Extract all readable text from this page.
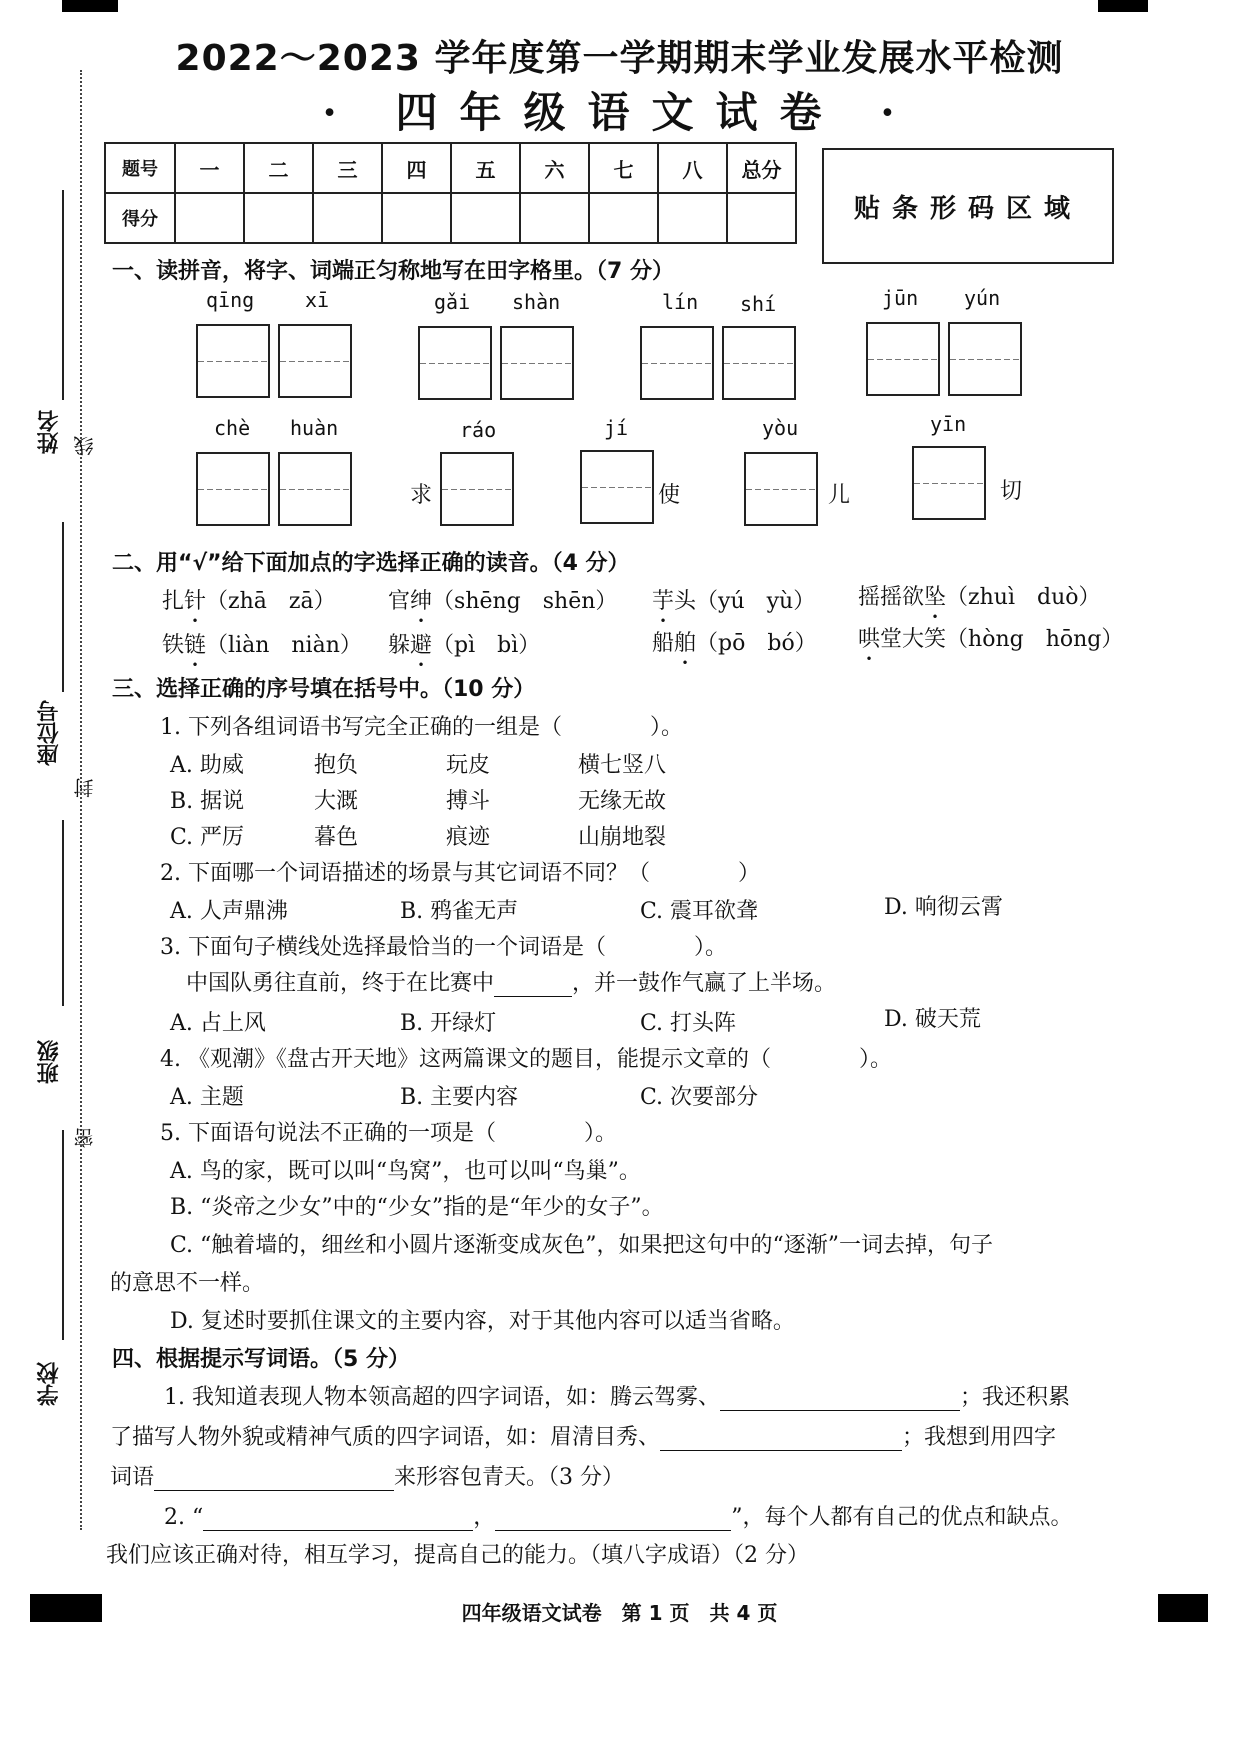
姓名 线
座位号
封
班级
密
学校
2022～2023 学年度第一学期期末学业发展水平检测
· 四年级语文试卷 ·
题号	一	二	三	四	五	六	七	八	总分
得分										贴条形码区域
一、读拼音，将字、词端正匀称地写在田字格里。（7 分）
qīng	xī	gǎi shàn	lín shí	jūn yún
chè huàn	ráo
求
jí
使
yòu
儿
yīn
切
二、用“√”给下面加点的字选择正确的读音。（4 分）
扎针（zhā　zā） 官绅（shēng　shēn） 芋头（yú　yù） 摇摇欲坠（zhuì　duò）
铁链（liàn　niàn） 躲避（pì　bì）	船舶（pō　bó） 哄堂大笑（hòng　hōng）
三、选择正确的序号填在括号中。（10 分）
1. 下列各组词语书写完全正确的一组是（　　　　）。
A. 助威	抱负	玩皮	横七竖八
B. 据说	大溉	搏斗	无缘无故
C. 严厉	暮色	痕迹	山崩地裂
2. 下面哪一个词语描述的场景与其它词语不同？（　　　　）
A. 人声鼎沸	B. 鸦雀无声	C. 震耳欲聋	D. 响彻云霄
3. 下面句子横线处选择最恰当的一个词语是（　　　　）。
中国队勇往直前，终于在比赛中	，并一鼓作气赢了上半场。
A. 占上风	B. 开绿灯	C. 打头阵	D. 破天荒
4. 《观潮》《盘古开天地》这两篇课文的题目，能提示文章的（　　　　）。
A. 主题	B. 主要内容	C. 次要部分
5. 下面语句说法不正确的一项是（　　　　）。
A. 鸟的家，既可以叫“鸟窝”，也可以叫“鸟巢”。
B. “炎帝之少女”中的“少女”指的是“年少的女子”。
C. “触着墙的，细丝和小圆片逐渐变成灰色”，如果把这句中的“逐渐”一词去掉，句子
的意思不一样。
D. 复述时要抓住课文的主要内容，对于其他内容可以适当省略。
四、根据提示写词语。（5 分）
1. 我知道表现人物本领高超的四字词语，如：腾云驾雾、	；我还积累
了描写人物外貌或精神气质的四字词语，如：眉清目秀、	；我想到用四字
词语	来形容包青天。（3 分）
2. “	，	”，每个人都有自己的优点和缺点。
我们应该正确对待，相互学习，提高自己的能力。（填八字成语）（2 分）
四年级语文试卷　第 1 页　共 4 页
